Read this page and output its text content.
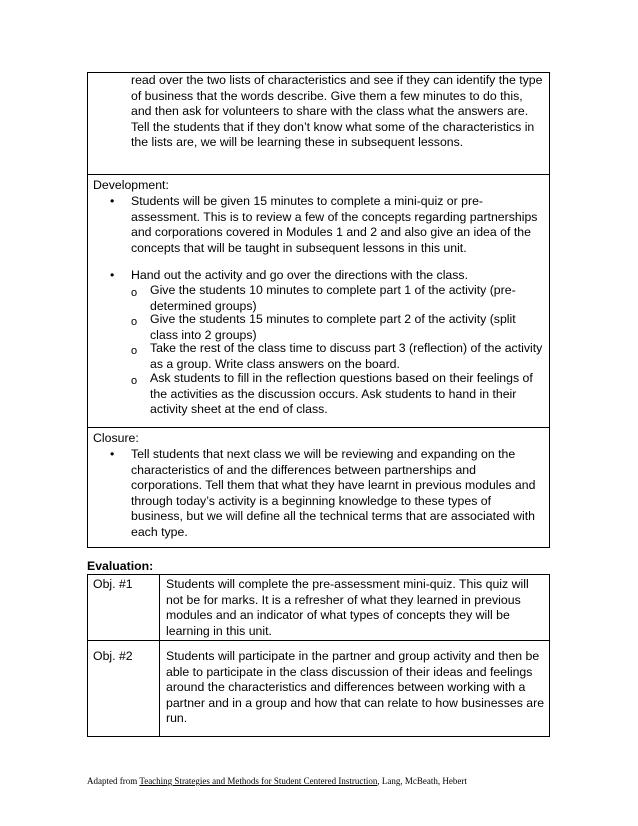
read over the two lists of characteristics and see if they can identify the type of business that the words describe. Give them a few minutes to do this, and then ask for volunteers to share with the class what the answers are. Tell the students that if they don’t know what some of the characteristics in the lists are, we will be learning these in subsequent lessons.
Development:
• Students will be given 15 minutes to complete a mini-quiz or pre-assessment. This is to review a few of the concepts regarding partnerships and corporations covered in Modules 1 and 2 and also give an idea of the concepts that will be taught in subsequent lessons in this unit.
• Hand out the activity and go over the directions with the class.
o Give the students 10 minutes to complete part 1 of the activity (pre-determined groups)
o Give the students 15 minutes to complete part 2 of the activity (split class into 2 groups)
o Take the rest of the class time to discuss part 3 (reflection) of the activity as a group. Write class answers on the board.
o Ask students to fill in the reflection questions based on their feelings of the activities as the discussion occurs. Ask students to hand in their activity sheet at the end of class.
Closure:
• Tell students that next class we will be reviewing and expanding on the characteristics of and the differences between partnerships and corporations. Tell them that what they have learnt in previous modules and through today’s activity is a beginning knowledge to these types of business, but we will define all the technical terms that are associated with each type.
Evaluation:
Obj. #1	Students will complete the pre-assessment mini-quiz. This quiz will not be for marks. It is a refresher of what they learned in previous modules and an indicator of what types of concepts they will be learning in this unit.
Obj. #2	Students will participate in the partner and group activity and then be able to participate in the class discussion of their ideas and feelings around the characteristics and differences between working with a partner and in a group and how that can relate to how businesses are run.
Adapted from Teaching Strategies and Methods for Student Centered Instruction, Lang, McBeath, Hebert
